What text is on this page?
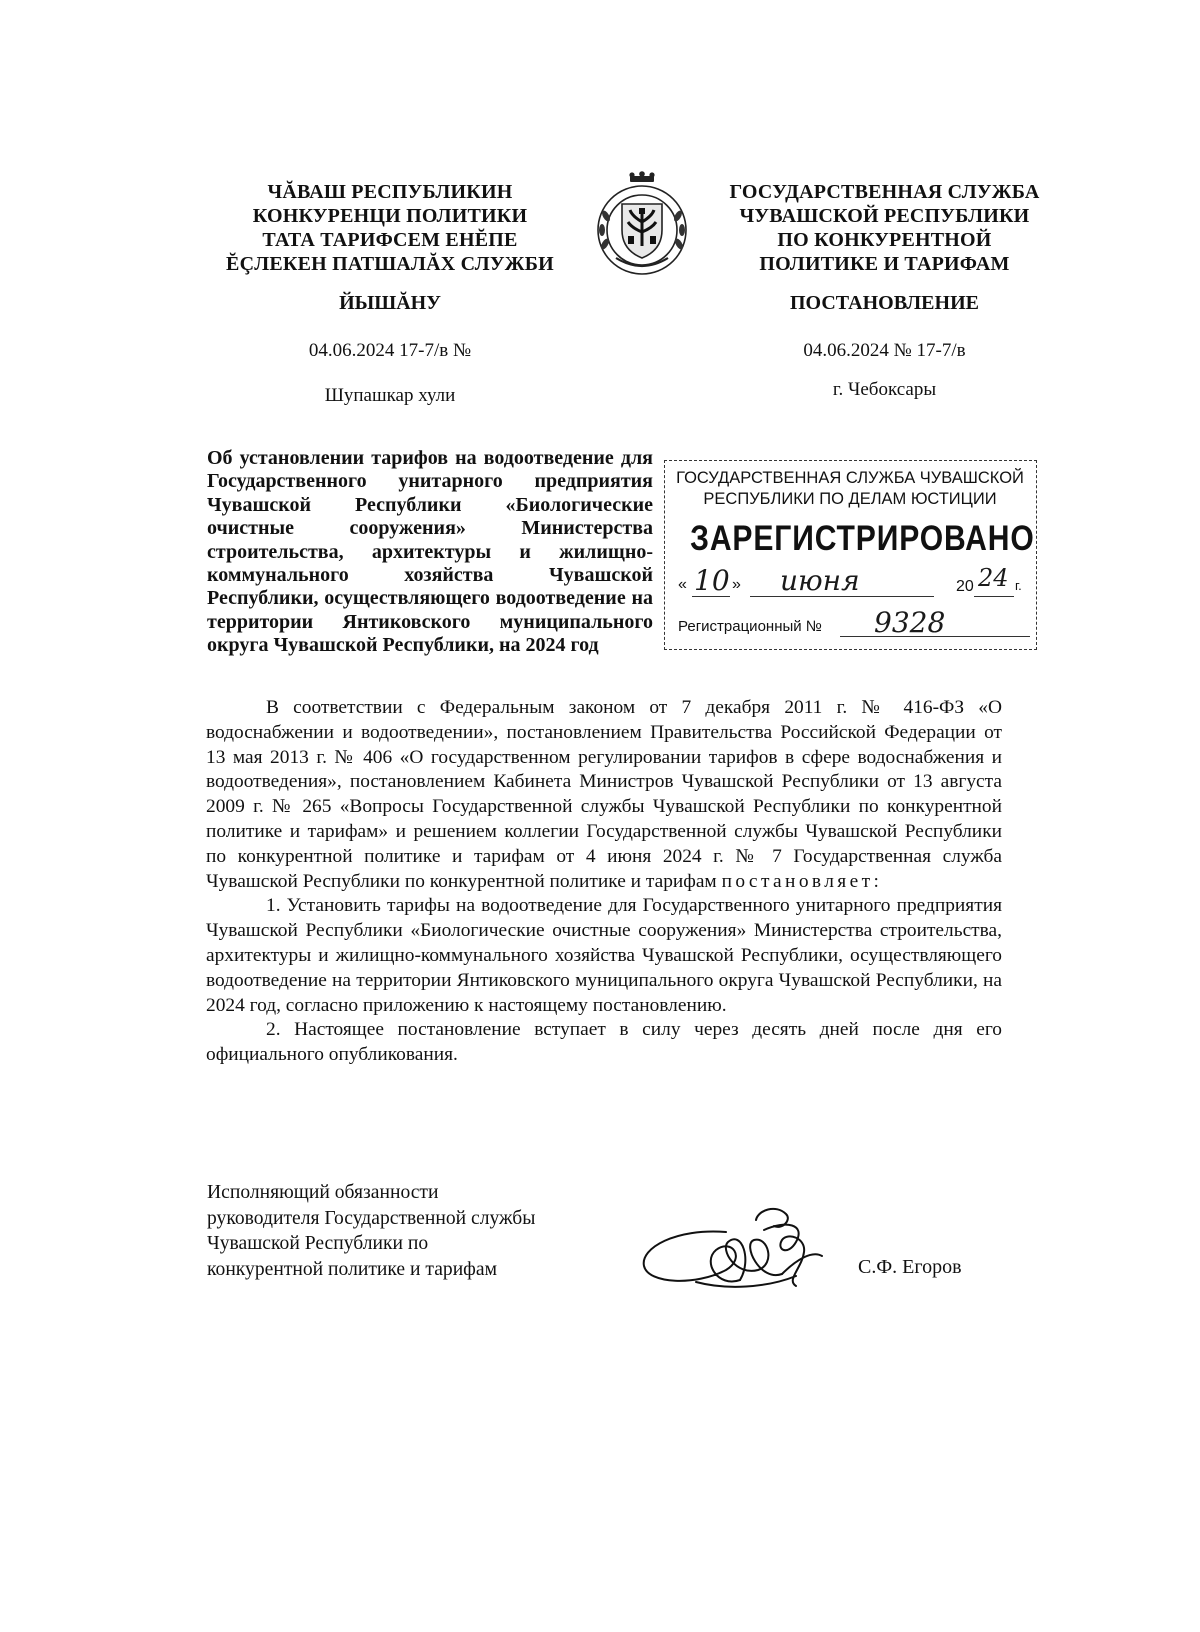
ЧĂВАШ РЕСПУБЛИКИН
КОНКУРЕНЦИ ПОЛИТИКИ
ТАТА ТАРИФСЕМ ЕНĔПЕ
ĔÇЛЕКЕН ПАТШАЛĂХ СЛУЖБИ
ГОСУДАРСТВЕННАЯ СЛУЖБА
ЧУВАШСКОЙ РЕСПУБЛИКИ
ПО КОНКУРЕНТНОЙ
ПОЛИТИКЕ И ТАРИФАМ
ЙЫШĂНУ	ПОСТАНОВЛЕНИЕ
04.06.2024 17-7/в №	04.06.2024 № 17-7/в
Шупашкар хули	г. Чебоксары
Об установлении тарифов на водоотведение для Государственного унитарного предприятия Чувашской Республики «Биологические очистные сооружения» Министерства строительства, архитектуры и жилищно-коммунального хозяйства Чувашской Республики, осуществляющего водоотведение на территории Янтиковского муниципального округа Чувашской Республики, на 2024 год
ГОСУДАРСТВЕННАЯ СЛУЖБА ЧУВАШСКОЙ
РЕСПУБЛИКИ ПО ДЕЛАМ ЮСТИЦИИ
ЗАРЕГИСТРИРОВАНО
« 10 » июня	20 24 г.
Регистрационный № 9328

В соответствии с Федеральным законом от 7 декабря 2011 г. № 416-ФЗ «О водоснабжении и водоотведении», постановлением Правительства Российской Федерации от 13 мая 2013 г. № 406 «О государственном регулировании тарифов в сфере водоснабжения и водоотведения», постановлением Кабинета Министров Чувашской Республики от 13 августа 2009 г. № 265 «Вопросы Государственной службы Чувашской Республики по конкурентной политике и тарифам» и решением коллегии Государственной службы Чувашской Республики по конкурентной политике и тарифам от 4 июня 2024 г. № 7 Государственная служба Чувашской Республики по конкурентной политике и тарифам постановляет:

1. Установить тарифы на водоотведение для Государственного унитарного предприятия Чувашской Республики «Биологические очистные сооружения» Министерства строительства, архитектуры и жилищно-коммунального хозяйства Чувашской Республики, осуществляющего водоотведение на территории Янтиковского муниципального округа Чувашской Республики, на 2024 год, согласно приложению к настоящему постановлению.

2. Настоящее постановление вступает в силу через десять дней после дня его официального опубликования.

Исполняющий обязанности
руководителя Государственной службы
Чувашской Республики по
конкурентной политике и тарифам	С.Ф. Егоров
